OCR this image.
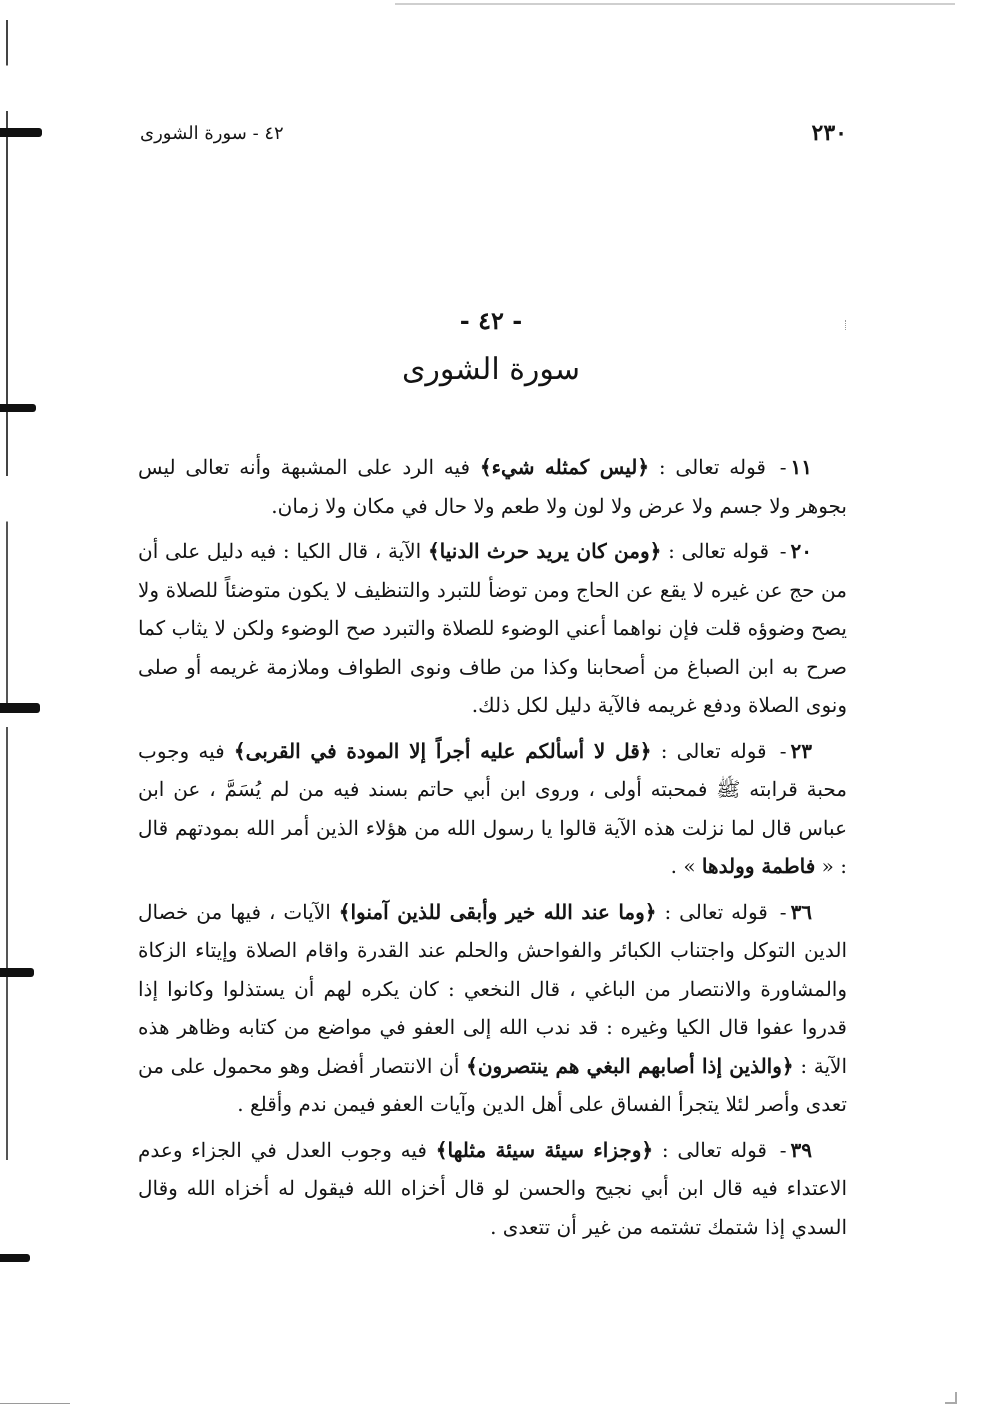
٢٣٠
٤٢ - سورة الشورى
- ٤٢ -
سورة الشورى

١١- قوله تعالى : ﴿ليس كمثله شيء﴾ فيه الرد على المشبهة وأنه تعالى ليس بجوهر ولا جسم ولا عرض ولا لون ولا طعم ولا حال في مكان ولا زمان.

٢٠- قوله تعالى : ﴿ومن كان يريد حرث الدنيا﴾ الآية ، قال الكيا : فيه دليل على أن من حج عن غيره لا يقع عن الحاج ومن توضأ للتبرد والتنظيف لا يكون متوضئاً للصلاة ولا يصح وضوؤه قلت فإن نواهما أعني الوضوء للصلاة والتبرد صح الوضوء ولكن لا يثاب كما صرح به ابن الصباغ من أصحابنا وكذا من طاف ونوى الطواف وملازمة غريمه أو صلى ونوى الصلاة ودفع غريمه فالآية دليل لكل ذلك.

٢٣- قوله تعالى : ﴿قل لا أسألكم عليه أجراً إلا المودة في القربى﴾ فيه وجوب محبة قرابته ﷺ فمحبته أولى ، وروى ابن أبي حاتم بسند فيه من لم يُسَمَّ ، عن ابن عباس قال لما نزلت هذه الآية قالوا يا رسول الله من هؤلاء الذين أمر الله بمودتهم قال : « فاطمة وولدها » .

٣٦- قوله تعالى : ﴿وما عند الله خير وأبقى للذين آمنوا﴾ الآيات ، فيها من خصال الدين التوكل واجتناب الكبائر والفواحش والحلم عند القدرة واقام الصلاة وإيتاء الزكاة والمشاورة والانتصار من الباغي ، قال النخعي : كان يكره لهم أن يستذلوا وكانوا إذا قدروا عفوا قال الكيا وغيره : قد ندب الله إلى العفو في مواضع من كتابه وظاهر هذه الآية : ﴿والذين إذا أصابهم البغي هم ينتصرون﴾ أن الانتصار أفضل وهو محمول على من تعدى وأصر لئلا يتجرأ الفساق على أهل الدين وآيات العفو فيمن ندم وأقلع .

٣٩- قوله تعالى : ﴿وجزاء سيئة سيئة مثلها﴾ فيه وجوب العدل في الجزاء وعدم الاعتداء فيه قال ابن أبي نجيح والحسن لو قال أخزاه الله فيقول له أخزاه الله وقال السدي إذا شتمك تشتمه من غير أن تتعدى .
